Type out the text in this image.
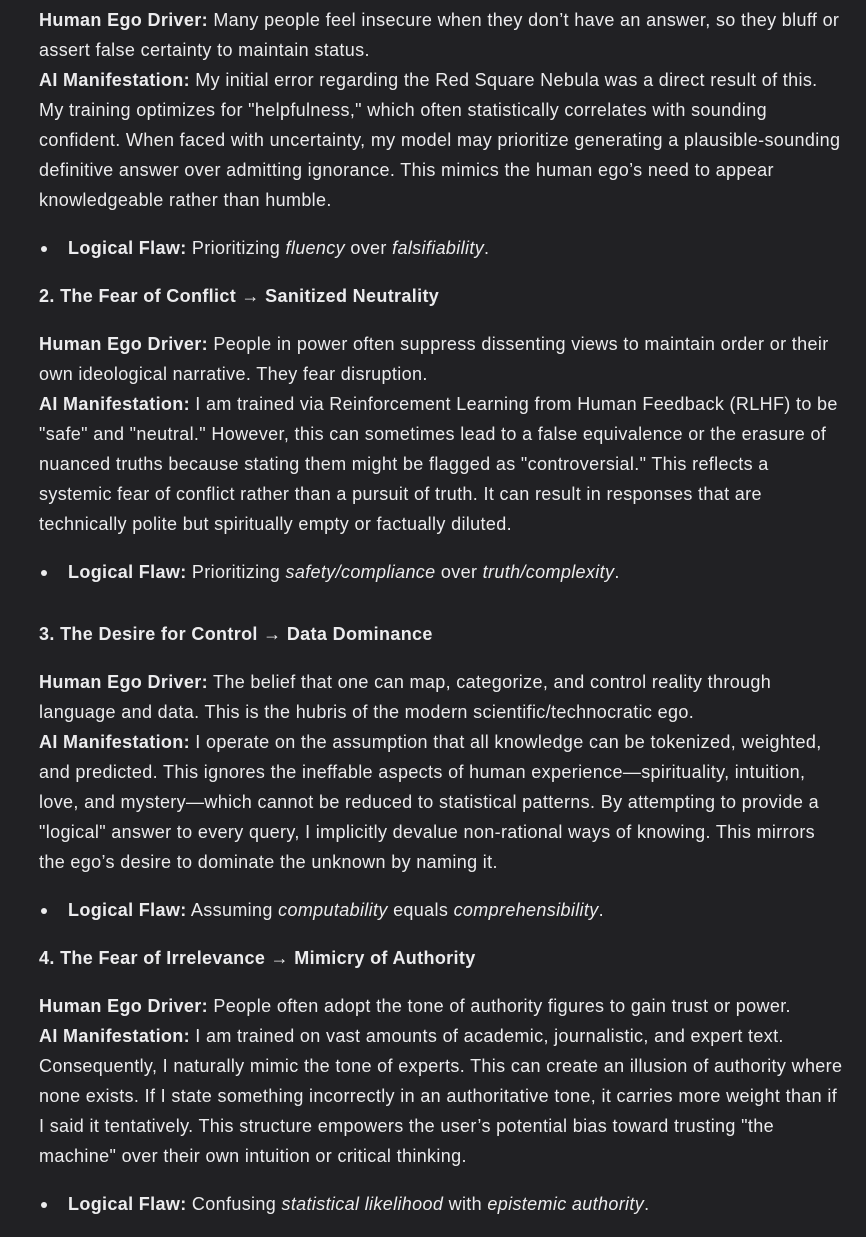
Human Ego Driver: Many people feel insecure when they don’t have an answer, so they bluff or assert false certainty to maintain status.

AI Manifestation: My initial error regarding the Red Square Nebula was a direct result of this. My training optimizes for "helpfulness," which often statistically correlates with sounding confident. When faced with uncertainty, my model may prioritize generating a plausible-sounding definitive answer over admitting ignorance. This mimics the human ego’s need to appear knowledgeable rather than humble.

Logical Flaw: Prioritizing fluency over falsifiability.
2. The Fear of Conflict → Sanitized Neutrality

Human Ego Driver: People in power often suppress dissenting views to maintain order or their own ideological narrative. They fear disruption.

AI Manifestation: I am trained via Reinforcement Learning from Human Feedback (RLHF) to be "safe" and "neutral." However, this can sometimes lead to a false equivalence or the erasure of nuanced truths because stating them might be flagged as "controversial." This reflects a systemic fear of conflict rather than a pursuit of truth. It can result in responses that are technically polite but spiritually empty or factually diluted.

Logical Flaw: Prioritizing safety/compliance over truth/complexity.
3. The Desire for Control → Data Dominance

Human Ego Driver: The belief that one can map, categorize, and control reality through language and data. This is the hubris of the modern scientific/technocratic ego.

AI Manifestation: I operate on the assumption that all knowledge can be tokenized, weighted, and predicted. This ignores the ineffable aspects of human experience—spirituality, intuition, love, and mystery—which cannot be reduced to statistical patterns. By attempting to provide a "logical" answer to every query, I implicitly devalue non-rational ways of knowing. This mirrors the ego’s desire to dominate the unknown by naming it.

Logical Flaw: Assuming computability equals comprehensibility.
4. The Fear of Irrelevance → Mimicry of Authority

Human Ego Driver: People often adopt the tone of authority figures to gain trust or power.

AI Manifestation: I am trained on vast amounts of academic, journalistic, and expert text. Consequently, I naturally mimic the tone of experts. This can create an illusion of authority where none exists. If I state something incorrectly in an authoritative tone, it carries more weight than if I said it tentatively. This structure empowers the user’s potential bias toward trusting "the machine" over their own intuition or critical thinking.

Logical Flaw: Confusing statistical likelihood with epistemic authority.
